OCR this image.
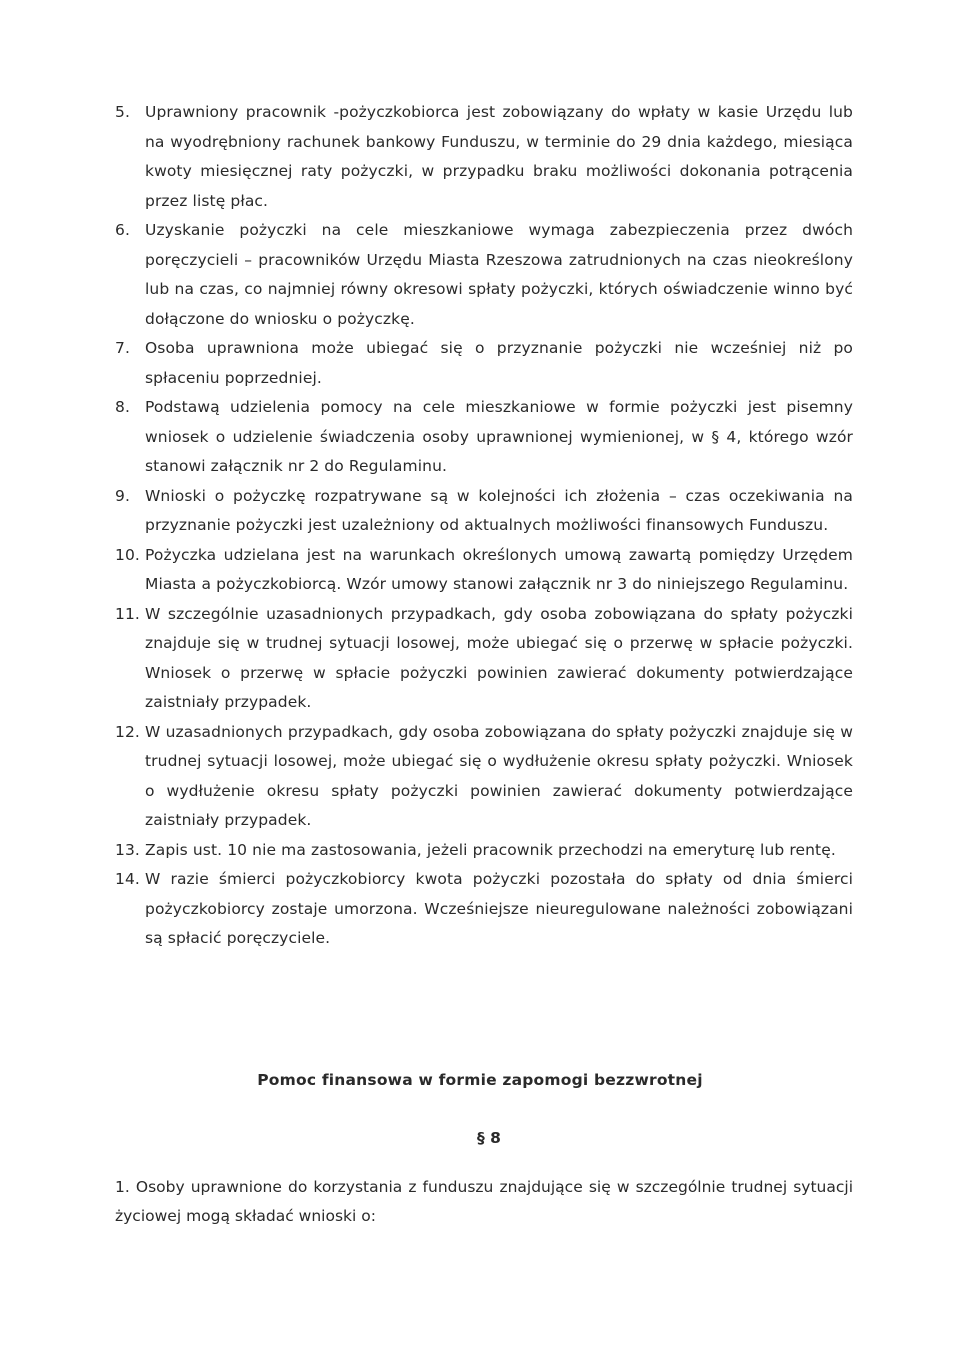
5. Uprawniony pracownik -pożyczkobiorca jest zobowiązany do wpłaty w kasie Urzędu lub na wyodrębniony rachunek bankowy Funduszu, w terminie do 29 dnia każdego, miesiąca kwoty miesięcznej raty pożyczki, w przypadku braku możliwości dokonania potrącenia przez listę płac.
6. Uzyskanie pożyczki na cele mieszkaniowe wymaga zabezpieczenia przez dwóch poręczycieli – pracowników Urzędu Miasta Rzeszowa zatrudnionych na czas nieokreślony lub na czas, co najmniej równy okresowi spłaty pożyczki, których oświadczenie winno być dołączone do wniosku o pożyczkę.
7. Osoba uprawniona może ubiegać się o przyznanie pożyczki nie wcześniej niż po spłaceniu poprzedniej.
8. Podstawą udzielenia pomocy na cele mieszkaniowe w formie pożyczki jest pisemny wniosek o udzielenie świadczenia osoby uprawnionej wymienionej, w § 4, którego wzór stanowi załącznik nr 2 do Regulaminu.
9. Wnioski o pożyczkę rozpatrywane są w kolejności ich złożenia – czas oczekiwania na przyznanie pożyczki jest uzależniony od aktualnych możliwości finansowych Funduszu.
10. Pożyczka udzielana jest na warunkach określonych umową zawartą pomiędzy Urzędem Miasta a pożyczkobiorcą. Wzór umowy stanowi załącznik nr 3 do niniejszego Regulaminu.
11. W szczególnie uzasadnionych przypadkach, gdy osoba zobowiązana do spłaty pożyczki znajduje się w trudnej sytuacji losowej, może ubiegać się o przerwę w spłacie pożyczki. Wniosek o przerwę w spłacie pożyczki powinien zawierać dokumenty potwierdzające zaistniały przypadek.
12. W uzasadnionych przypadkach, gdy osoba zobowiązana do spłaty pożyczki znajduje się w trudnej sytuacji losowej, może ubiegać się o wydłużenie okresu spłaty pożyczki. Wniosek o wydłużenie okresu spłaty pożyczki powinien zawierać dokumenty potwierdzające zaistniały przypadek.
13. Zapis ust. 10 nie ma zastosowania, jeżeli pracownik przechodzi na emeryturę lub rentę.
14. W razie śmierci pożyczkobiorcy kwota pożyczki pozostała do spłaty od dnia śmierci pożyczkobiorcy zostaje umorzona. Wcześniejsze nieuregulowane należności zobowiązani są spłacić poręczyciele.
Pomoc finansowa w formie zapomogi bezzwrotnej
§ 8

1. Osoby uprawnione do korzystania z funduszu znajdujące się w szczególnie trudnej sytuacji życiowej mogą składać wnioski o:
